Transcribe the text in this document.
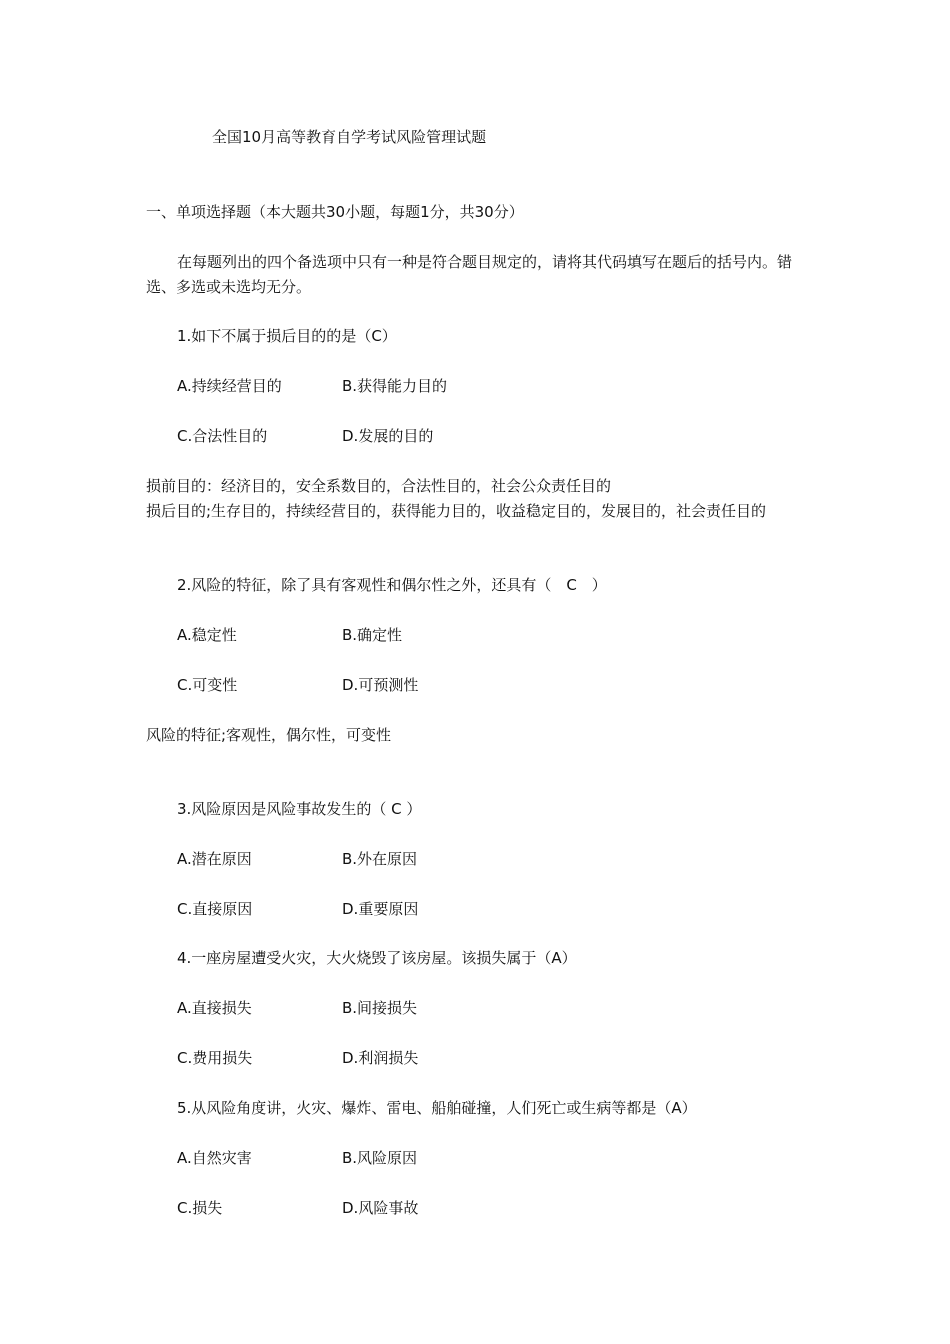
全国10月高等教育自学考试风险管理试题
一、单项选择题（本大题共30小题，每题1分，共30分）
在每题列出的四个备选项中只有一种是符合题目规定的，请将其代码填写在题后的括号内。错选、多选或未选均无分。
1.如下不属于损后目的的是（C）
A.持续经营目的	B.获得能力目的
C.合法性目的	D.发展的目的
损前目的：经济目的，安全系数目的，合法性目的，社会公众责任目的
损后目的;生存目的，持续经营目的，获得能力目的，收益稳定目的，发展目的，社会责任目的
2.风险的特征，除了具有客观性和偶尔性之外，还具有（　C　）
A.稳定性	B.确定性
C.可变性	D.可预测性
风险的特征;客观性，偶尔性，可变性
3.风险原因是风险事故发生的（ C ）
A.潜在原因	B.外在原因
C.直接原因	D.重要原因
4.一座房屋遭受火灾，大火烧毁了该房屋。该损失属于（A）
A.直接损失	B.间接损失
C.费用损失	D.利润损失
5.从风险角度讲，火灾、爆炸、雷电、船舶碰撞，人们死亡或生病等都是（A）
A.自然灾害	B.风险原因
C.损失	D.风险事故
